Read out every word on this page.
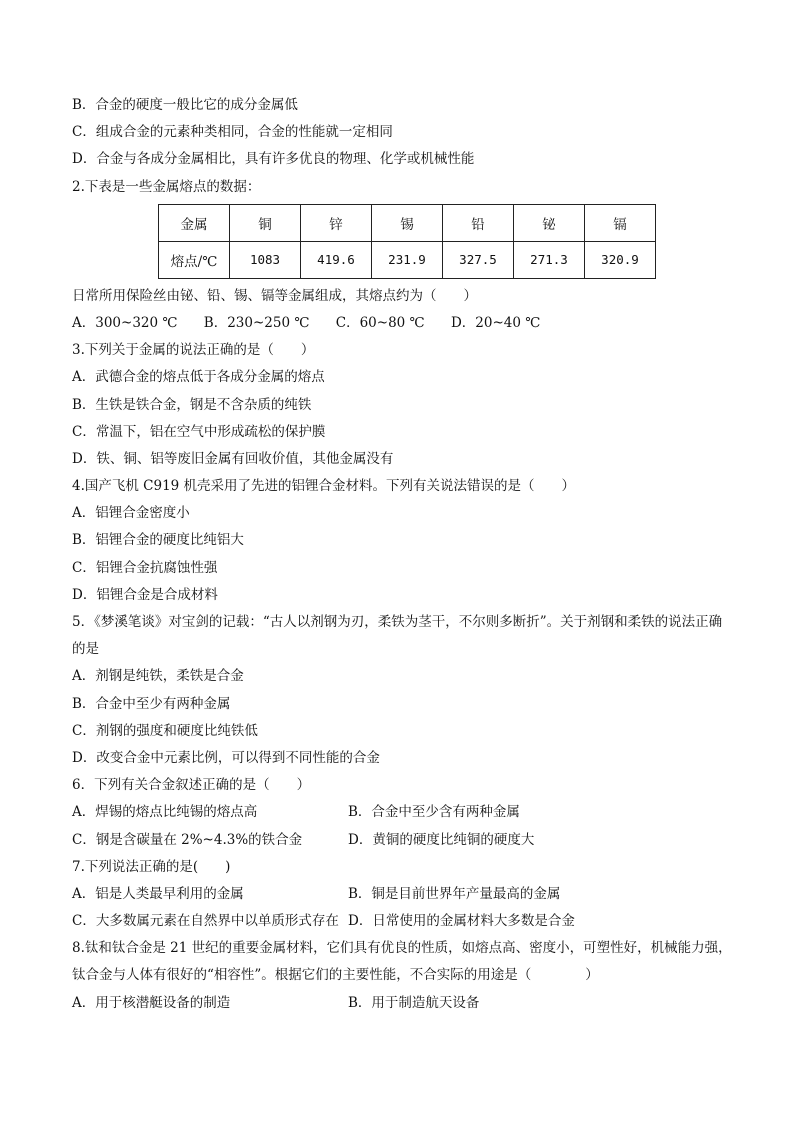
B．合金的硬度一般比它的成分金属低
C．组成合金的元素种类相同，合金的性能就一定相同
D．合金与各成分金属相比，具有许多优良的物理、化学或机械性能
2.下表是一些金属熔点的数据：
金属	铜	锌	锡	铅	铋	镉
熔点/℃	1083	419.6	231.9	327.5	271.3	320.9
日常所用保险丝由铋、铅、锡、镉等金属组成，其熔点约为（　　）
A．300~320 ℃ B．230~250 ℃ C．60~80 ℃ D．20~40 ℃
3.下列关于金属的说法正确的是（　　）
A．武德合金的熔点低于各成分金属的熔点
B．生铁是铁合金，钢是不含杂质的纯铁
C．常温下，铝在空气中形成疏松的保护膜
D．铁、铜、铝等废旧金属有回收价值，其他金属没有
4.国产飞机 C919 机壳采用了先进的铝锂合金材料。下列有关说法错误的是（　　）
A．铝锂合金密度小
B．铝锂合金的硬度比纯铝大
C．铝锂合金抗腐蚀性强
D．铝锂合金是合成材料
5．《梦溪笔谈》对宝剑的记载：“古人以剂钢为刃，柔铁为茎干，不尔则多断折”。关于剂钢和柔铁的说法正确的是
A．剂钢是纯铁，柔铁是合金
B．合金中至少有两种金属
C．剂钢的强度和硬度比纯铁低
D．改变合金中元素比例，可以得到不同性能的合金
6．下列有关合金叙述正确的是（　　）
A．焊锡的熔点比纯锡的熔点高	B．合金中至少含有两种金属
C．钢是含碳量在 2%~4.3%的铁合金	D．黄铜的硬度比纯铜的硬度大
7.下列说法正确的是(　　)
A．铝是人类最早利用的金属	B．铜是目前世界年产量最高的金属
C．大多数属元素在自然界中以单质形式存在 D．日常使用的金属材料大多数是合金
8.钛和钛合金是 21 世纪的重要金属材料，它们具有优良的性质，如熔点高、密度小，可塑性好，机械能力强，钛合金与人体有很好的“相容性”。根据它们的主要性能，不合实际的用途是（　　　　）
A．用于核潜艇设备的制造	B．用于制造航天设备
